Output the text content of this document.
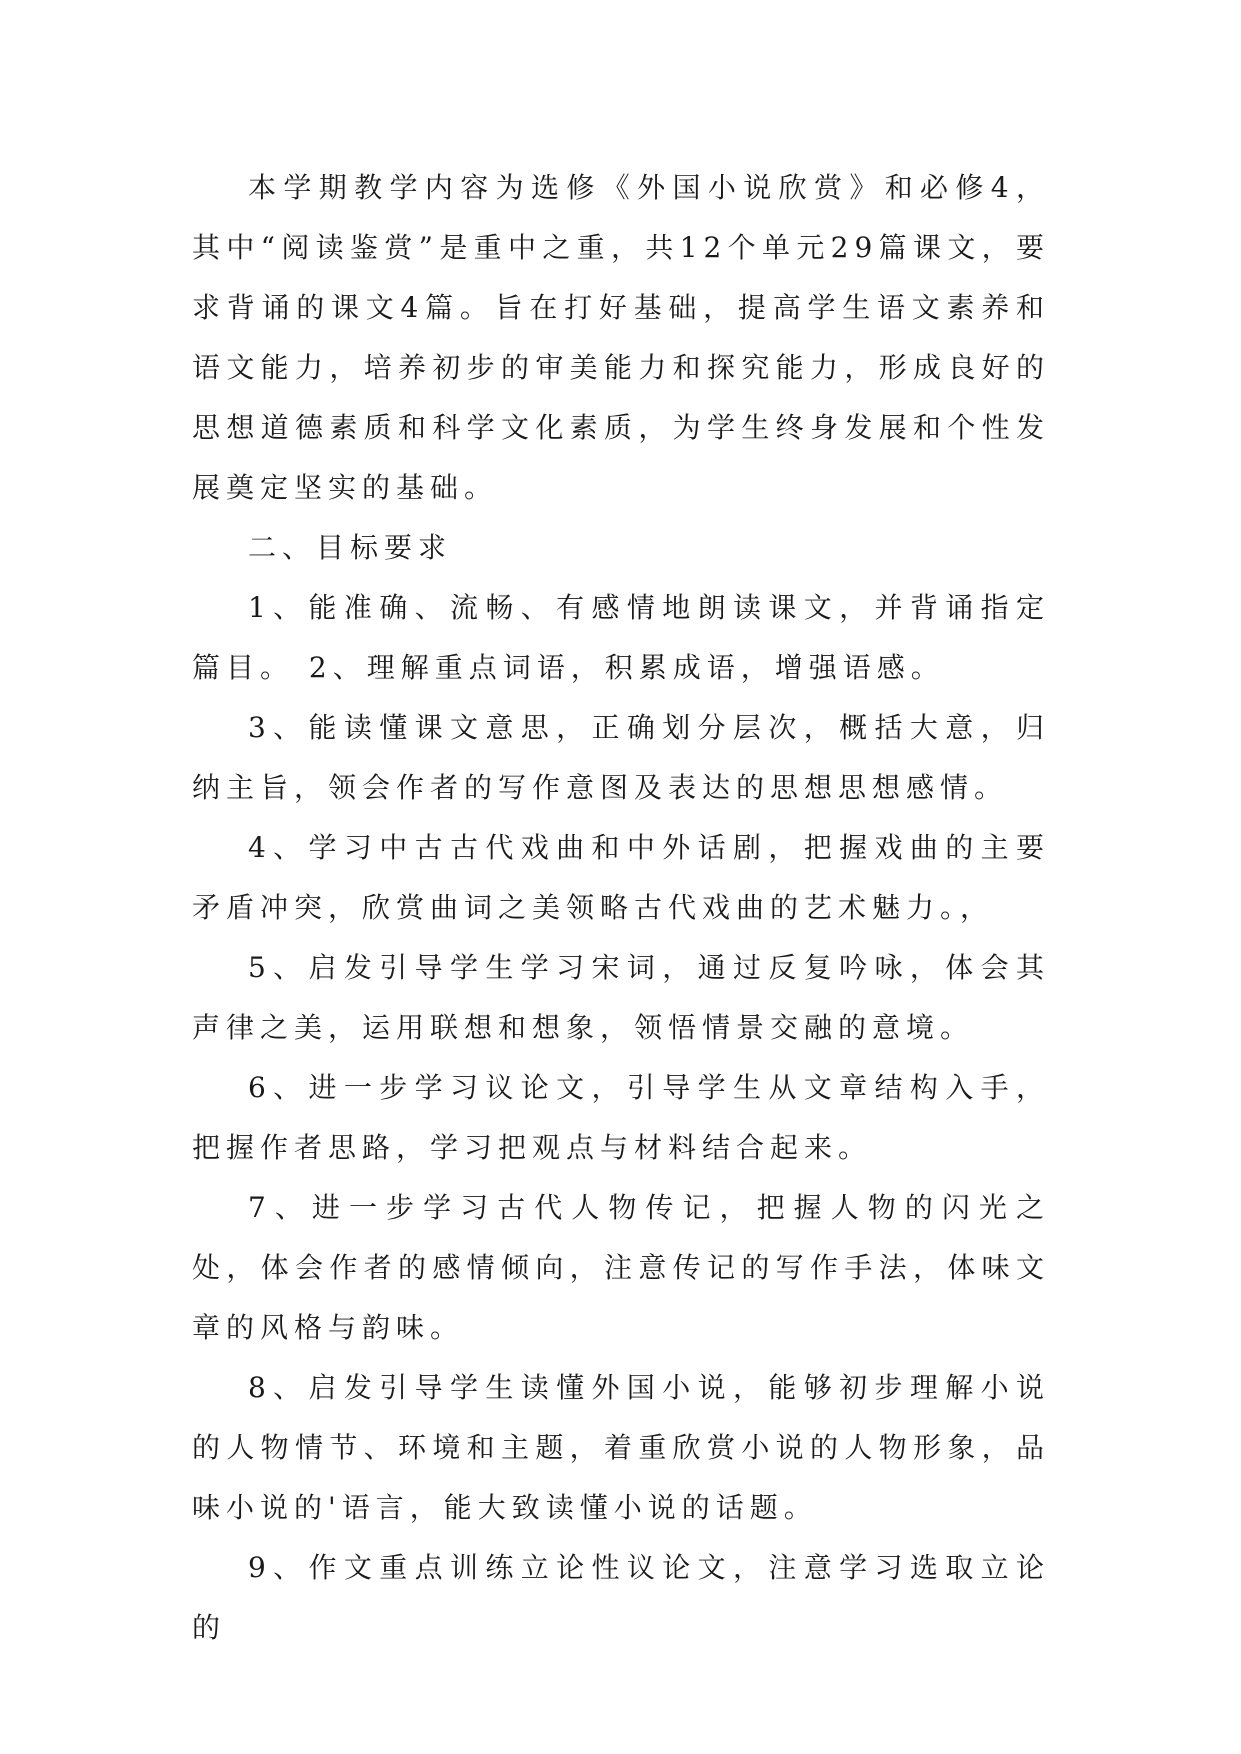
本学期教学内容为选修《外国小说欣赏》和必修4，其中“阅读鉴赏”是重中之重，共12个单元29篇课文，要求背诵的课文4篇。旨在打好基础，提高学生语文素养和语文能力，培养初步的审美能力和探究能力，形成良好的思想道德素质和科学文化素质，为学生终身发展和个性发展奠定坚实的基础。

二、目标要求

1、能准确、流畅、有感情地朗读课文，并背诵指定篇目。 2、理解重点词语，积累成语，增强语感。

3、能读懂课文意思，正确划分层次，概括大意，归纳主旨，领会作者的写作意图及表达的思想思想感情。

4、学习中古古代戏曲和中外话剧，把握戏曲的主要矛盾冲突，欣赏曲词之美领略古代戏曲的艺术魅力。，

5、启发引导学生学习宋词，通过反复吟咏，体会其声律之美，运用联想和想象，领悟情景交融的意境。

6、进一步学习议论文，引导学生从文章结构入手，把握作者思路，学习把观点与材料结合起来。

7、进一步学习古代人物传记，把握人物的闪光之处，体会作者的感情倾向，注意传记的写作手法，体味文章的风格与韵味。

8、启发引导学生读懂外国小说，能够初步理解小说的人物情节、环境和主题，着重欣赏小说的人物形象，品味小说的'语言，能大致读懂小说的话题。

9、作文重点训练立论性议论文，注意学习选取立论的
